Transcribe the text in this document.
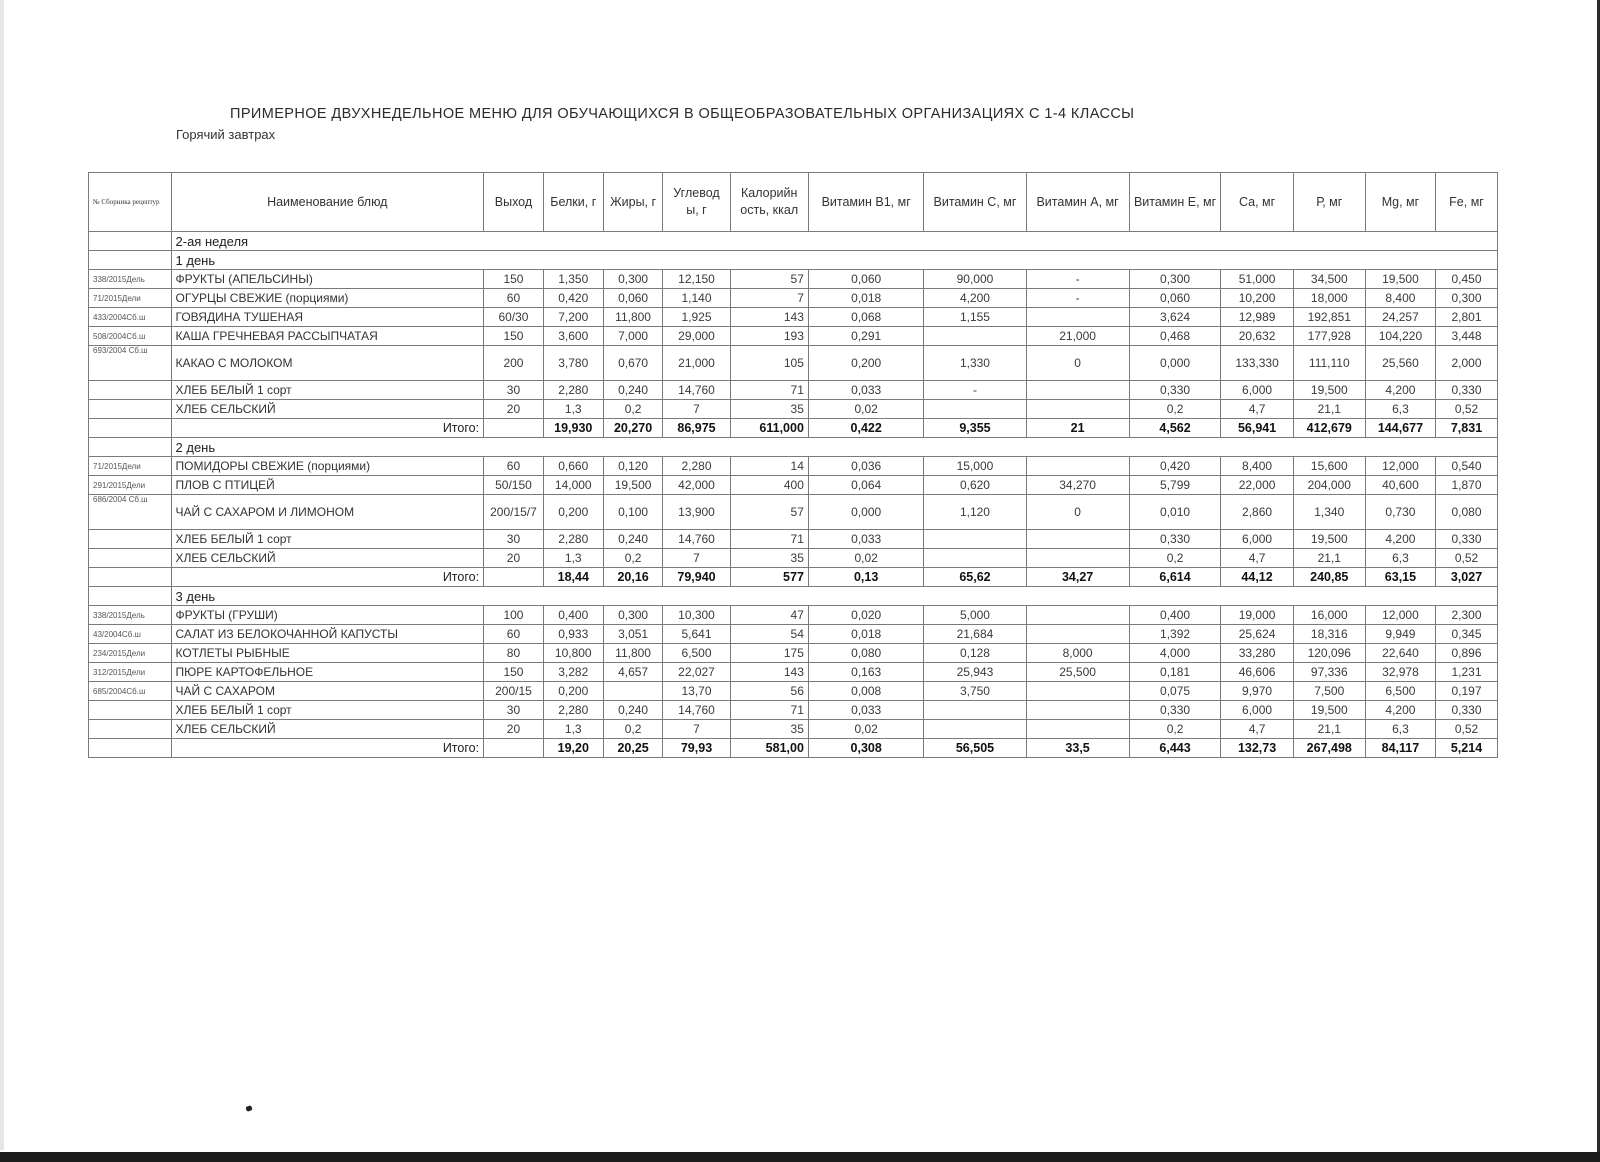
ПРИМЕРНОЕ ДВУХНЕДЕЛЬНОЕ МЕНЮ ДЛЯ ОБУЧАЮЩИХСЯ В ОБЩЕОБРАЗОВАТЕЛЬНЫХ ОРГАНИЗАЦИЯХ С 1-4 КЛАССЫ
Горячий завтрах
№ Сборника рецептур	Наименование блюд	Выход	Белки, г	Жиры, г	Углевод ы, г	Калорийн ость, ккал	Витамин В1, мг	Витамин С, мг	Витамин А, мг	Витамин Е, мг	Са, мг	Р, мг	Mg, мг	Fe, мг
	2-ая неделя													
	1 день													
338/2015Дель	ФРУКТЫ (АПЕЛЬСИНЫ)	150	1,350	0,300	12,150	57	0,060	90,000	-	0,300	51,000	34,500	19,500	0,450
71/2015Дели	ОГУРЦЫ СВЕЖИЕ (порциями)	60	0,420	0,060	1,140	7	0,018	4,200	-	0,060	10,200	18,000	8,400	0,300
433/2004Сб.ш	ГОВЯДИНА ТУШЕНАЯ	60/30	7,200	11,800	1,925	143	0,068	1,155		3,624	12,989	192,851	24,257	2,801
508/2004Сб.ш	КАША ГРЕЧНЕВАЯ РАССЫПЧАТАЯ	150	3,600	7,000	29,000	193	0,291		21,000	0,468	20,632	177,928	104,220	3,448
693/2004 Сб.ш	КАКАО С МОЛОКОМ	200	3,780	0,670	21,000	105	0,200	1,330	0	0,000	133,330	111,110	25,560	2,000
	ХЛЕБ БЕЛЫЙ 1 сорт	30	2,280	0,240	14,760	71	0,033	-		0,330	6,000	19,500	4,200	0,330
	ХЛЕБ СЕЛЬСКИЙ	20	1,3	0,2	7	35	0,02			0,2	4,7	21,1	6,3	0,52
	Итого:		19,930	20,270	86,975	611,000	0,422	9,355	21	4,562	56,941	412,679	144,677	7,831
	2 день													
71/2015Дели	ПОМИДОРЫ СВЕЖИЕ (порциями)	60	0,660	0,120	2,280	14	0,036	15,000		0,420	8,400	15,600	12,000	0,540
291/2015Дели	ПЛОВ С ПТИЦЕЙ	50/150	14,000	19,500	42,000	400	0,064	0,620	34,270	5,799	22,000	204,000	40,600	1,870
686/2004 Сб.ш	ЧАЙ С САХАРОМ И ЛИМОНОМ	200/15/7	0,200	0,100	13,900	57	0,000	1,120	0	0,010	2,860	1,340	0,730	0,080
	ХЛЕБ БЕЛЫЙ 1 сорт	30	2,280	0,240	14,760	71	0,033			0,330	6,000	19,500	4,200	0,330
	ХЛЕБ СЕЛЬСКИЙ	20	1,3	0,2	7	35	0,02			0,2	4,7	21,1	6,3	0,52
	Итого:		18,44	20,16	79,940	577	0,13	65,62	34,27	6,614	44,12	240,85	63,15	3,027
	3 день													
338/2015Дель	ФРУКТЫ (ГРУШИ)	100	0,400	0,300	10,300	47	0,020	5,000		0,400	19,000	16,000	12,000	2,300
43/2004Сб.ш	САЛАТ ИЗ БЕЛОКОЧАННОЙ КАПУСТЫ	60	0,933	3,051	5,641	54	0,018	21,684		1,392	25,624	18,316	9,949	0,345
234/2015Дели	КОТЛЕТЫ РЫБНЫЕ	80	10,800	11,800	6,500	175	0,080	0,128	8,000	4,000	33,280	120,096	22,640	0,896
312/2015Дели	ПЮРЕ КАРТОФЕЛЬНОЕ	150	3,282	4,657	22,027	143	0,163	25,943	25,500	0,181	46,606	97,336	32,978	1,231
685/2004Сб.ш	ЧАЙ С САХАРОМ	200/15	0,200		13,70	56	0,008	3,750		0,075	9,970	7,500	6,500	0,197
	ХЛЕБ БЕЛЫЙ 1 сорт	30	2,280	0,240	14,760	71	0,033			0,330	6,000	19,500	4,200	0,330
	ХЛЕБ СЕЛЬСКИЙ	20	1,3	0,2	7	35	0,02			0,2	4,7	21,1	6,3	0,52
	Итого:		19,20	20,25	79,93	581,00	0,308	56,505	33,5	6,443	132,73	267,498	84,117	5,214
